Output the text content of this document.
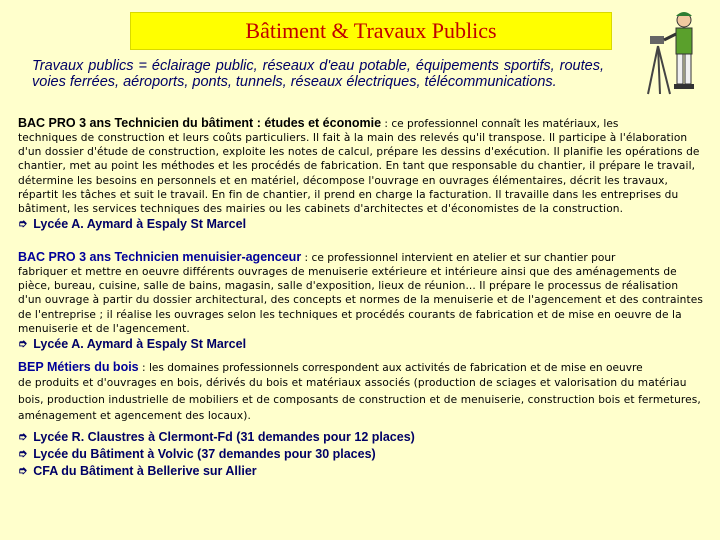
Bâtiment & Travaux Publics
Travaux publics = éclairage public, réseaux d'eau potable, équipements sportifs, routes, voies ferrées, aéroports, ponts, tunnels, réseaux électriques, télécommunications.
BAC PRO 3 ans Technicien du bâtiment : études et économie : ce professionnel connaît les matériaux, les
techniques de construction et leurs coûts particuliers. Il fait à la main des relevés qu'il transpose. Il participe à l'élaboration d'un dossier d'étude de construction, exploite les notes de calcul, prépare les dessins d'exécution. Il planifie les opérations de chantier, met au point les méthodes et les procédés de fabrication. En tant que responsable du chantier, il prépare le travail, détermine les besoins en personnels et en matériel, décompose l'ouvrage en ouvrages élémentaires, décrit les travaux, répartit les tâches et suit le travail. En fin de chantier, il prend en charge la facturation. Il travaille dans les entreprises du bâtiment, les services techniques des mairies ou les cabinets d'architectes et d'économistes de la construction.
➮ Lycée A. Aymard à Espaly St Marcel
BAC PRO 3 ans Technicien menuisier-agenceur : ce professionnel intervient en atelier et sur chantier pour
fabriquer et mettre en oeuvre différents ouvrages de menuiserie extérieure et intérieure ainsi que des aménagements de pièce, bureau, cuisine, salle de bains, magasin, salle d'exposition, lieux de réunion... Il prépare le processus de réalisation d'un ouvrage à partir du dossier architectural, des concepts et normes de la menuiserie et de l'agencement et des contraintes de l'entreprise ; il réalise les ouvrages selon les techniques et procédés courants de fabrication et de mise en oeuvre de la menuiserie et de l'agencement.
➮ Lycée A. Aymard à Espaly St Marcel
BEP Métiers du bois : les domaines professionnels correspondent aux activités de fabrication et de mise en oeuvre
de produits et d'ouvrages en bois, dérivés du bois et matériaux associés (production de sciages et valorisation du matériau bois, production industrielle de mobiliers et de composants de construction et de menuiserie, construction bois et fermetures, aménagement et agencement des locaux).
➮ Lycée R. Claustres à Clermont-Fd (31 demandes pour 12 places)
➮ Lycée du Bâtiment à Volvic (37 demandes pour 30 places)
➮ CFA du Bâtiment à Bellerive sur Allier
